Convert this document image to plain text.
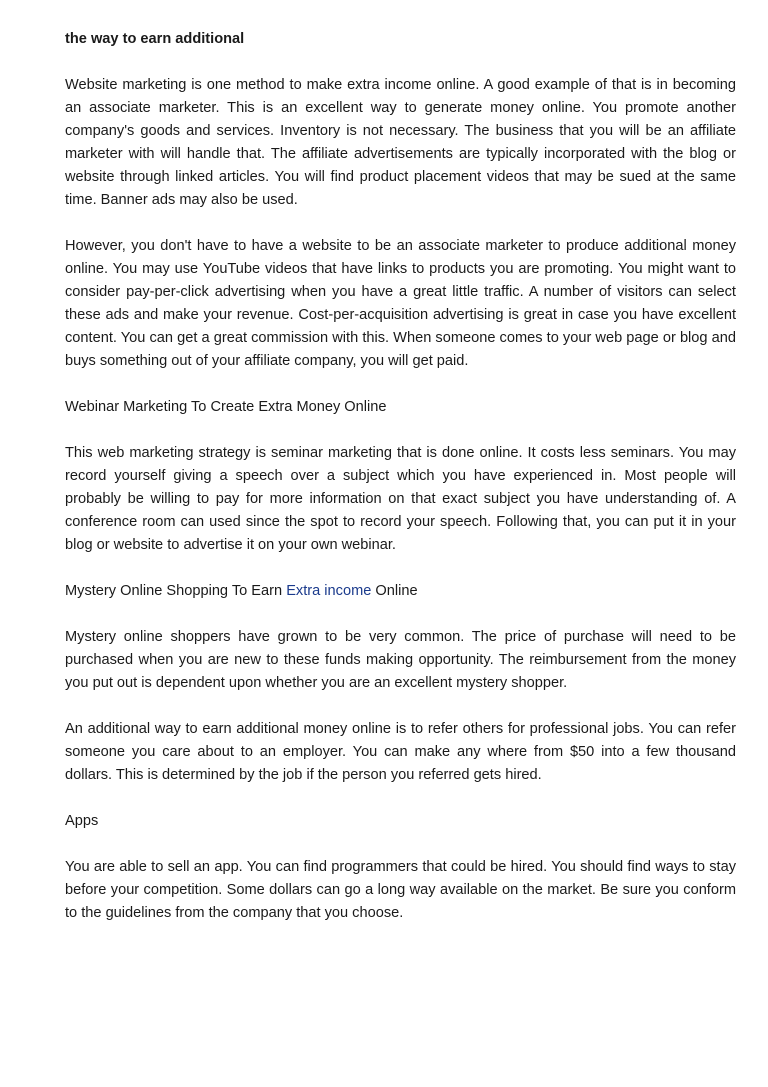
the way to earn additional

Website marketing is one method to make extra income online. A good example of that is in becoming an associate marketer. This is an excellent way to generate money online. You promote another company's goods and services. Inventory is not necessary. The business that you will be an affiliate marketer with will handle that. The affiliate advertisements are typically incorporated with the blog or website through linked articles. You will find product placement videos that may be sued at the same time. Banner ads may also be used.

However, you don't have to have a website to be an associate marketer to produce additional money online. You may use YouTube videos that have links to products you are promoting. You might want to consider pay-per-click advertising when you have a great little traffic. A number of visitors can select these ads and make your revenue. Cost-per-acquisition advertising is great in case you have excellent content. You can get a great commission with this. When someone comes to your web page or blog and buys something out of your affiliate company, you will get paid.

Webinar Marketing To Create Extra Money Online

This web marketing strategy is seminar marketing that is done online. It costs less seminars. You may record yourself giving a speech over a subject which you have experienced in. Most people will probably be willing to pay for more information on that exact subject you have understanding of. A conference room can used since the spot to record your speech. Following that, you can put it in your blog or website to advertise it on your own webinar.

Mystery Online Shopping To Earn Extra income Online

Mystery online shoppers have grown to be very common. The price of purchase will need to be purchased when you are new to these funds making opportunity. The reimbursement from the money you put out is dependent upon whether you are an excellent mystery shopper.

An additional way to earn additional money online is to refer others for professional jobs. You can refer someone you care about to an employer. You can make any where from $50 into a few thousand dollars. This is determined by the job if the person you referred gets hired.

Apps

You are able to sell an app. You can find programmers that could be hired. You should find ways to stay before your competition. Some dollars can go a long way available on the market. Be sure you conform to the guidelines from the company that you choose.
